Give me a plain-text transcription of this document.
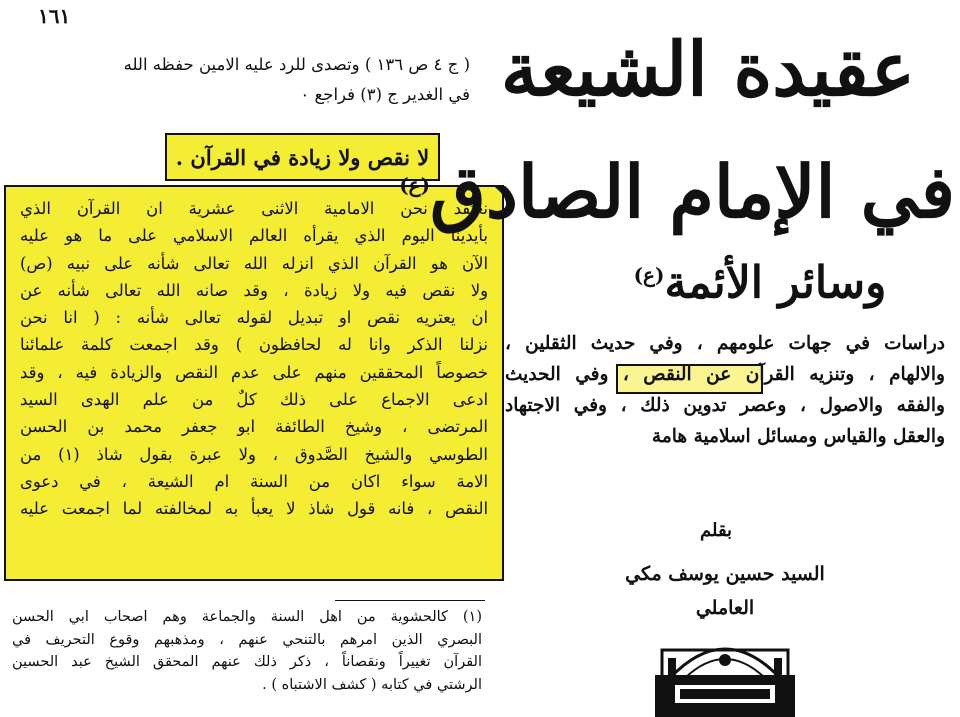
١٦١

( ج ٤ ص ١٣٦ ) وتصدى للرد عليه الامين حفظه الله

في الغدير ج (٣) فراجع ٠

لا نقص ولا زيادة في القرآن .
نعتقد نحن الامامية الاثنى عشرية ان القرآن الذي
بأيدينا اليوم الذي يقرأه العالم الاسلامي على ما هو عليه
الآن هو القرآن الذي انزله الله تعالى شأنه على نبيه (ص)
ولا نقص فيه ولا زيادة ، وقد صانه الله تعالى شأنه عن
ان يعتريه نقص او تبديل لقوله تعالى شأنه : ( انا نحن
نزلنا الذكر وانا له لحافظون ) وقد اجمعت كلمة علمائنا
خصوصاً المحققين منهم على عدم النقص والزيادة فيه ، وقد
ادعى الاجماع على ذلك كلٌ من علم الهدى السيد
المرتضى ، وشيخ الطائفة ابو جعفر محمد بن الحسن
الطوسي والشيخ الصَّدوق ، ولا عبرة بقول شاذ (١) من
الامة سواء اكان من السنة ام الشيعة ، في دعوى
النقص ، فانه قول شاذ لا يعبأ به لمخالفته لما اجمعت عليه
(١) كالحشوية من اهل السنة والجماعة وهم اصحاب ابي الحسن
البصري الذين امرهم بالتنحي عنهم ، ومذهبهم وقوع التحريف في
القرآن تغييراً ونقصاناً ، ذكر ذلك عنهم المحقق الشيخ عبد الحسين
الرشتي في كتابه ( كشف الاشتباه ) .
عقيدة الشيعة
في الإمام الصادق$^{(ع)}$
وسائر الأئمة$^{(ع)}$
دراسات في جهات علومهم ، وفي حديث الثقلين ،
والالهام ، وتنزيه القرآن عن النقص ، وفي الحديث
والفقه والاصول ، وعصر تدوين ذلك ، وفي الاجتهاد
والعقل والقياس ومسائل اسلامية هامة
بقلم
السيد حسين يوسف مكي
العاملي
